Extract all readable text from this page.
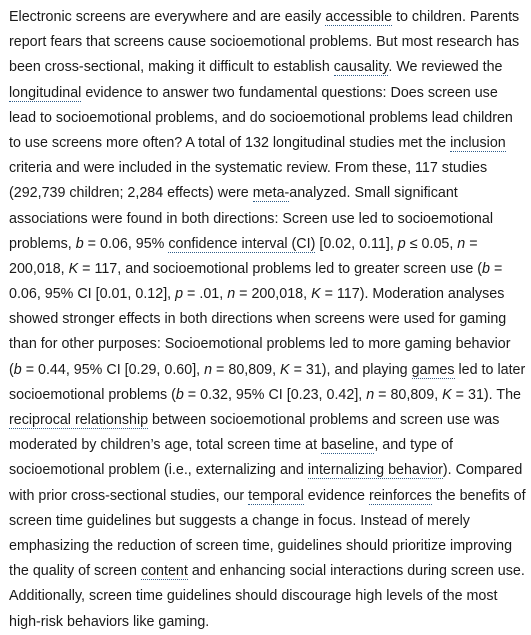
Electronic screens are everywhere and are easily accessible to children. Parents
report fears that screens cause socioemotional problems. But most research has
been cross-sectional, making it difficult to establish causality. We reviewed the
longitudinal evidence to answer two fundamental questions: Does screen use
lead to socioemotional problems, and do socioemotional problems lead children
to use screens more often? A total of 132 longitudinal studies met the inclusion
criteria and were included in the systematic review. From these, 117 studies
(292,739 children; 2,284 effects) were meta-analyzed. Small significant
associations were found in both directions: Screen use led to socioemotional
problems, b = 0.06, 95% confidence interval (CI) [0.02, 0.11], p ≤ 0.05, n =
200,018, K = 117, and socioemotional problems led to greater screen use (b =
0.06, 95% CI [0.01, 0.12], p = .01, n = 200,018, K = 117). Moderation analyses
showed stronger effects in both directions when screens were used for gaming
than for other purposes: Socioemotional problems led to more gaming behavior
(b = 0.44, 95% CI [0.29, 0.60], n = 80,809, K = 31), and playing games led to later
socioemotional problems (b = 0.32, 95% CI [0.23, 0.42], n = 80,809, K = 31). The
reciprocal relationship between socioemotional problems and screen use was
moderated by children’s age, total screen time at baseline, and type of
socioemotional problem (i.e., externalizing and internalizing behavior). Compared
with prior cross-sectional studies, our temporal evidence reinforces the benefits of
screen time guidelines but suggests a change in focus. Instead of merely
emphasizing the reduction of screen time, guidelines should prioritize improving
the quality of screen content and enhancing social interactions during screen use.
Additionally, screen time guidelines should discourage high levels of the most
high-risk behaviors like gaming.
